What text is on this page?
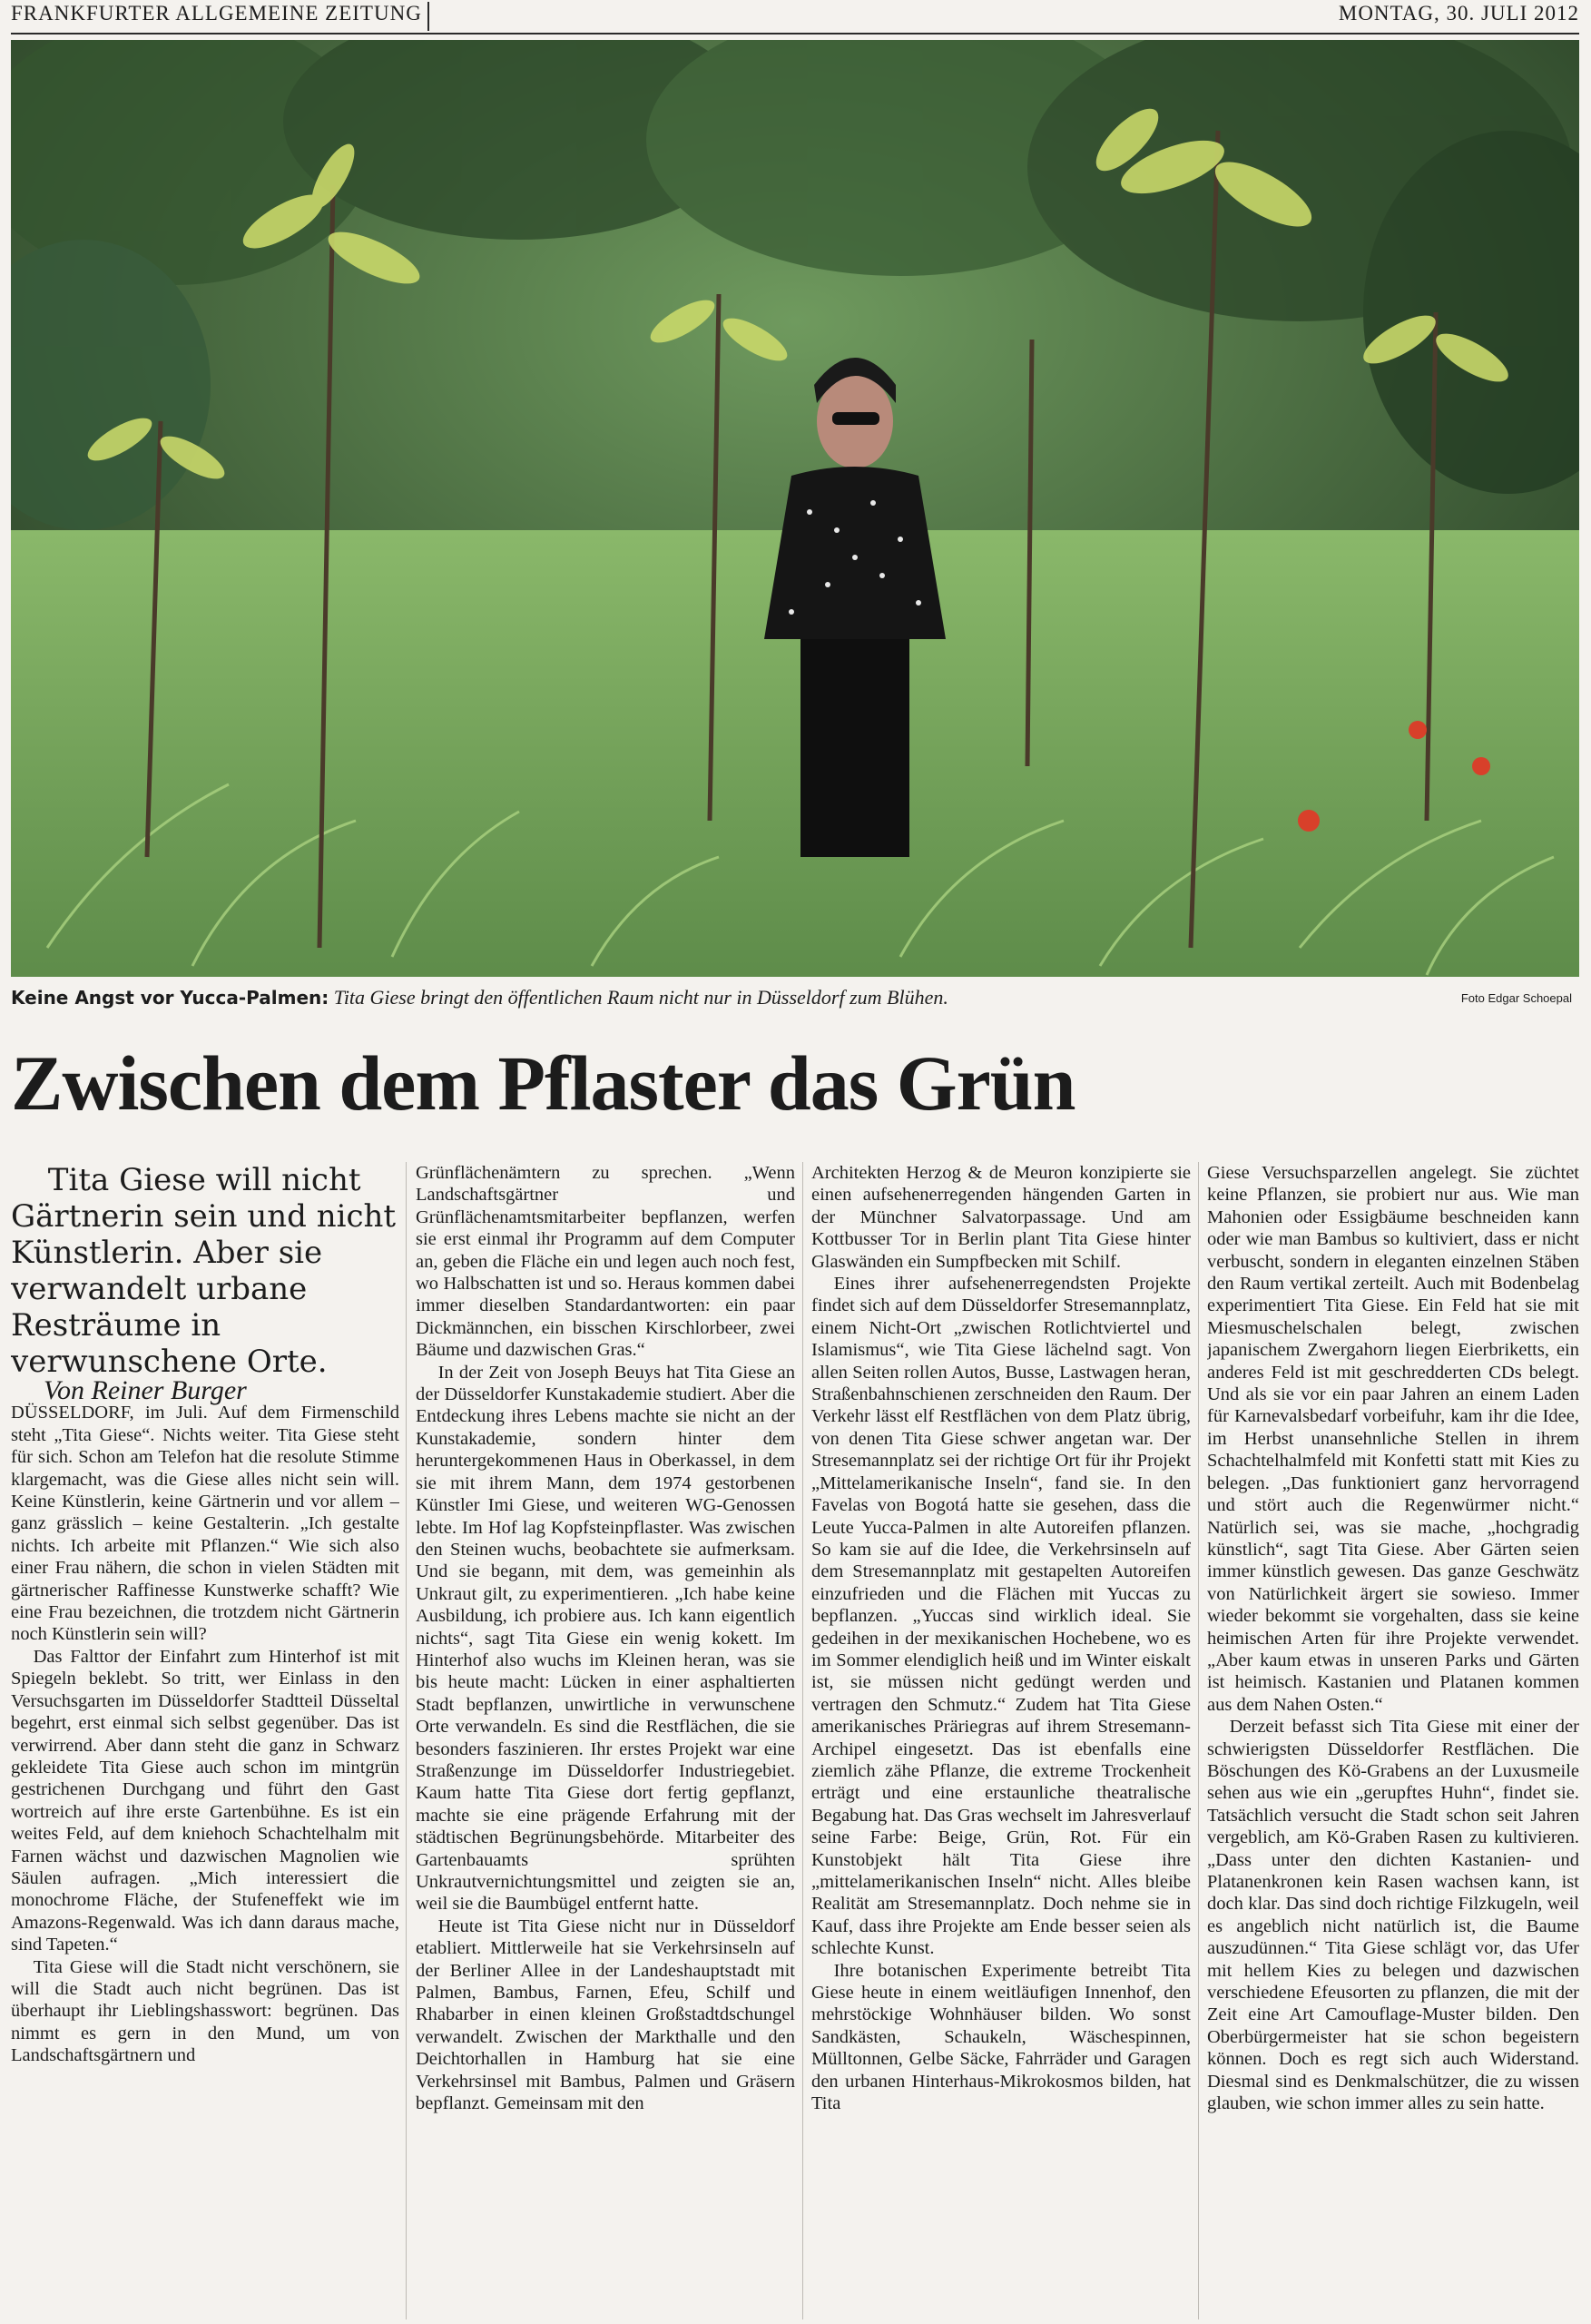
FRANKFURTER ALLGEMEINE ZEITUNG	MONTAG, 30. JULI 2012
Keine Angst vor Yucca-Palmen: Tita Giese bringt den öffentlichen Raum nicht nur in Düsseldorf zum Blühen.	Foto Edgar Schoepal
Zwischen dem Pflaster das Grün

Tita Giese will nicht Gärtnerin sein und nicht Künstlerin. Aber sie verwandelt urbane Resträume in verwunschene Orte.

Von Reiner Burger

DÜSSELDORF, im Juli. Auf dem Firmenschild steht „Tita Giese“. Nichts weiter. Tita Giese steht für sich. Schon am Telefon hat die resolute Stimme klargemacht, was die Giese alles nicht sein will. Keine Künstlerin, keine Gärtnerin und vor allem – ganz grässlich – keine Gestalterin. „Ich gestalte nichts. Ich arbeite mit Pflanzen.“ Wie sich also einer Frau nähern, die schon in vielen Städten mit gärtnerischer Raffinesse Kunstwerke schafft? Wie eine Frau bezeichnen, die trotzdem nicht Gärtnerin noch Künstlerin sein will?

Das Falttor der Einfahrt zum Hinterhof ist mit Spiegeln beklebt. So tritt, wer Einlass in den Versuchsgarten im Düsseldorfer Stadtteil Düsseltal begehrt, erst einmal sich selbst gegenüber. Das ist verwirrend. Aber dann steht die ganz in Schwarz gekleidete Tita Giese auch schon im mintgrün gestrichenen Durchgang und führt den Gast wortreich auf ihre erste Gartenbühne. Es ist ein weites Feld, auf dem kniehoch Schachtelhalm mit Farnen wächst und dazwischen Magnolien wie Säulen aufragen. „Mich interessiert die monochrome Fläche, der Stufeneffekt wie im Amazons-Regenwald. Was ich dann daraus mache, sind Tapeten.“

Tita Giese will die Stadt nicht verschönern, sie will die Stadt auch nicht begrünen. Das ist überhaupt ihr Lieblingshasswort: begrünen. Das nimmt es gern in den Mund, um von Landschaftsgärtnern und

Grünflächenämtern zu sprechen. „Wenn Landschaftsgärtner und Grünflächenamtsmitarbeiter bepflanzen, werfen sie erst einmal ihr Programm auf dem Computer an, geben die Fläche ein und legen auch noch fest, wo Halbschatten ist und so. Heraus kommen dabei immer dieselben Standardantworten: ein paar Dickmännchen, ein bisschen Kirschlorbeer, zwei Bäume und dazwischen Gras.“

In der Zeit von Joseph Beuys hat Tita Giese an der Düsseldorfer Kunstakademie studiert. Aber die Entdeckung ihres Lebens machte sie nicht an der Kunstakademie, sondern hinter dem heruntergekommenen Haus in Oberkassel, in dem sie mit ihrem Mann, dem 1974 gestorbenen Künstler Imi Giese, und weiteren WG-Genossen lebte. Im Hof lag Kopfsteinpflaster. Was zwischen den Steinen wuchs, beobachtete sie aufmerksam. Und sie begann, mit dem, was gemeinhin als Unkraut gilt, zu experimentieren. „Ich habe keine Ausbildung, ich probiere aus. Ich kann eigentlich nichts“, sagt Tita Giese ein wenig kokett. Im Hinterhof also wuchs im Kleinen heran, was sie bis heute macht: Lücken in einer asphaltierten Stadt bepflanzen, unwirtliche in verwunschene Orte verwandeln. Es sind die Restflächen, die sie besonders faszinieren. Ihr erstes Projekt war eine Straßenzunge im Düsseldorfer Industriegebiet. Kaum hatte Tita Giese dort fertig gepflanzt, machte sie eine prägende Erfahrung mit der städtischen Begrünungsbehörde. Mitarbeiter des Gartenbauamts sprühten Unkrautvernichtungsmittel und zeigten sie an, weil sie die Baumbügel entfernt hatte.

Heute ist Tita Giese nicht nur in Düsseldorf etabliert. Mittlerweile hat sie Verkehrsinseln auf der Berliner Allee in der Landeshauptstadt mit Palmen, Bambus, Farnen, Efeu, Schilf und Rhabarber in einen kleinen Großstadtdschungel verwandelt. Zwischen der Markthalle und den Deichtorhallen in Hamburg hat sie eine Verkehrsinsel mit Bambus, Palmen und Gräsern bepflanzt. Gemeinsam mit den

Architekten Herzog & de Meuron konzipierte sie einen aufsehenerregenden hängenden Garten in der Münchner Salvatorpassage. Und am Kottbusser Tor in Berlin plant Tita Giese hinter Glaswänden ein Sumpfbecken mit Schilf.

Eines ihrer aufsehenerregendsten Projekte findet sich auf dem Düsseldorfer Stresemannplatz, einem Nicht-Ort „zwischen Rotlichtviertel und Islamismus“, wie Tita Giese lächelnd sagt. Von allen Seiten rollen Autos, Busse, Lastwagen heran, Straßenbahnschienen zerschneiden den Raum. Der Verkehr lässt elf Restflächen von dem Platz übrig, von denen Tita Giese schwer angetan war. Der Stresemannplatz sei der richtige Ort für ihr Projekt „Mittelamerikanische Inseln“, fand sie. In den Favelas von Bogotá hatte sie gesehen, dass die Leute Yucca-Palmen in alte Autoreifen pflanzen. So kam sie auf die Idee, die Verkehrsinseln auf dem Stresemannplatz mit gestapelten Autoreifen einzufrieden und die Flächen mit Yuccas zu bepflanzen. „Yuccas sind wirklich ideal. Sie gedeihen in der mexikanischen Hochebene, wo es im Sommer elendiglich heiß und im Winter eiskalt ist, sie müssen nicht gedüngt werden und vertragen den Schmutz.“ Zudem hat Tita Giese amerikanisches Präriegras auf ihrem Stresemann-Archipel eingesetzt. Das ist ebenfalls eine ziemlich zähe Pflanze, die extreme Trockenheit erträgt und eine erstaunliche theatralische Begabung hat. Das Gras wechselt im Jahresverlauf seine Farbe: Beige, Grün, Rot. Für ein Kunstobjekt hält Tita Giese ihre „mittelamerikanischen Inseln“ nicht. Alles bleibe Realität am Stresemannplatz. Doch nehme sie in Kauf, dass ihre Projekte am Ende besser seien als schlechte Kunst.

Ihre botanischen Experimente betreibt Tita Giese heute in einem weitläufigen Innenhof, den mehrstöckige Wohnhäuser bilden. Wo sonst Sandkästen, Schaukeln, Wäschespinnen, Mülltonnen, Gelbe Säcke, Fahrräder und Garagen den urbanen Hinterhaus-Mikrokosmos bilden, hat Tita

Giese Versuchsparzellen angelegt. Sie züchtet keine Pflanzen, sie probiert nur aus. Wie man Mahonien oder Essigbäume beschneiden kann oder wie man Bambus so kultiviert, dass er nicht verbuscht, sondern in eleganten einzelnen Stäben den Raum vertikal zerteilt. Auch mit Bodenbelag experimentiert Tita Giese. Ein Feld hat sie mit Miesmuschelschalen belegt, zwischen japanischem Zwergahorn liegen Eierbriketts, ein anderes Feld ist mit geschredderten CDs belegt. Und als sie vor ein paar Jahren an einem Laden für Karnevalsbedarf vorbeifuhr, kam ihr die Idee, im Herbst unansehnliche Stellen in ihrem Schachtelhalmfeld mit Konfetti statt mit Kies zu belegen. „Das funktioniert ganz hervorragend und stört auch die Regenwürmer nicht.“ Natürlich sei, was sie mache, „hochgradig künstlich“, sagt Tita Giese. Aber Gärten seien immer künstlich gewesen. Das ganze Geschwätz von Natürlichkeit ärgert sie sowieso. Immer wieder bekommt sie vorgehalten, dass sie keine heimischen Arten für ihre Projekte verwendet. „Aber kaum etwas in unseren Parks und Gärten ist heimisch. Kastanien und Platanen kommen aus dem Nahen Osten.“

Derzeit befasst sich Tita Giese mit einer der schwierigsten Düsseldorfer Restflächen. Die Böschungen des Kö-Grabens an der Luxusmeile sehen aus wie ein „gerupftes Huhn“, findet sie. Tatsächlich versucht die Stadt schon seit Jahren vergeblich, am Kö-Graben Rasen zu kultivieren. „Dass unter den dichten Kastanien- und Platanenkronen kein Rasen wachsen kann, ist doch klar. Das sind doch richtige Filzkugeln, weil es angeblich nicht natürlich ist, die Baume auszudünnen.“ Tita Giese schlägt vor, das Ufer mit hellem Kies zu belegen und dazwischen verschiedene Efeusorten zu pflanzen, die mit der Zeit eine Art Camouflage-Muster bilden. Den Oberbürgermeister hat sie schon begeistern können. Doch es regt sich auch Widerstand. Diesmal sind es Denkmalschützer, die zu wissen glauben, wie schon immer alles zu sein hatte.
